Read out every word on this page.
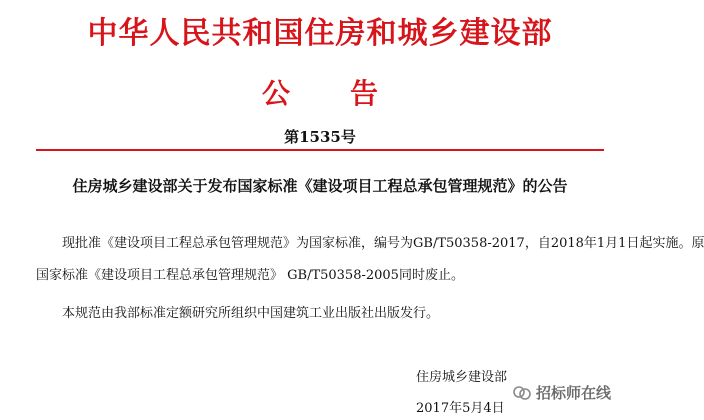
中华人民共和国住房和城乡建设部
公告
第1535号
住房城乡建设部关于发布国家标准《建设项目工程总承包管理规范》的公告
现批准《建设项目工程总承包管理规范》为国家标准，编号为GB/T50358-2017，自2018年1月1日起实施。原
国家标准《建设项目工程总承包管理规范》 GB/T50358-2005同时废止。
本规范由我部标准定额研究所组织中国建筑工业出版社出版发行。
住房城乡建设部
招标师在线
2017年5月4日
